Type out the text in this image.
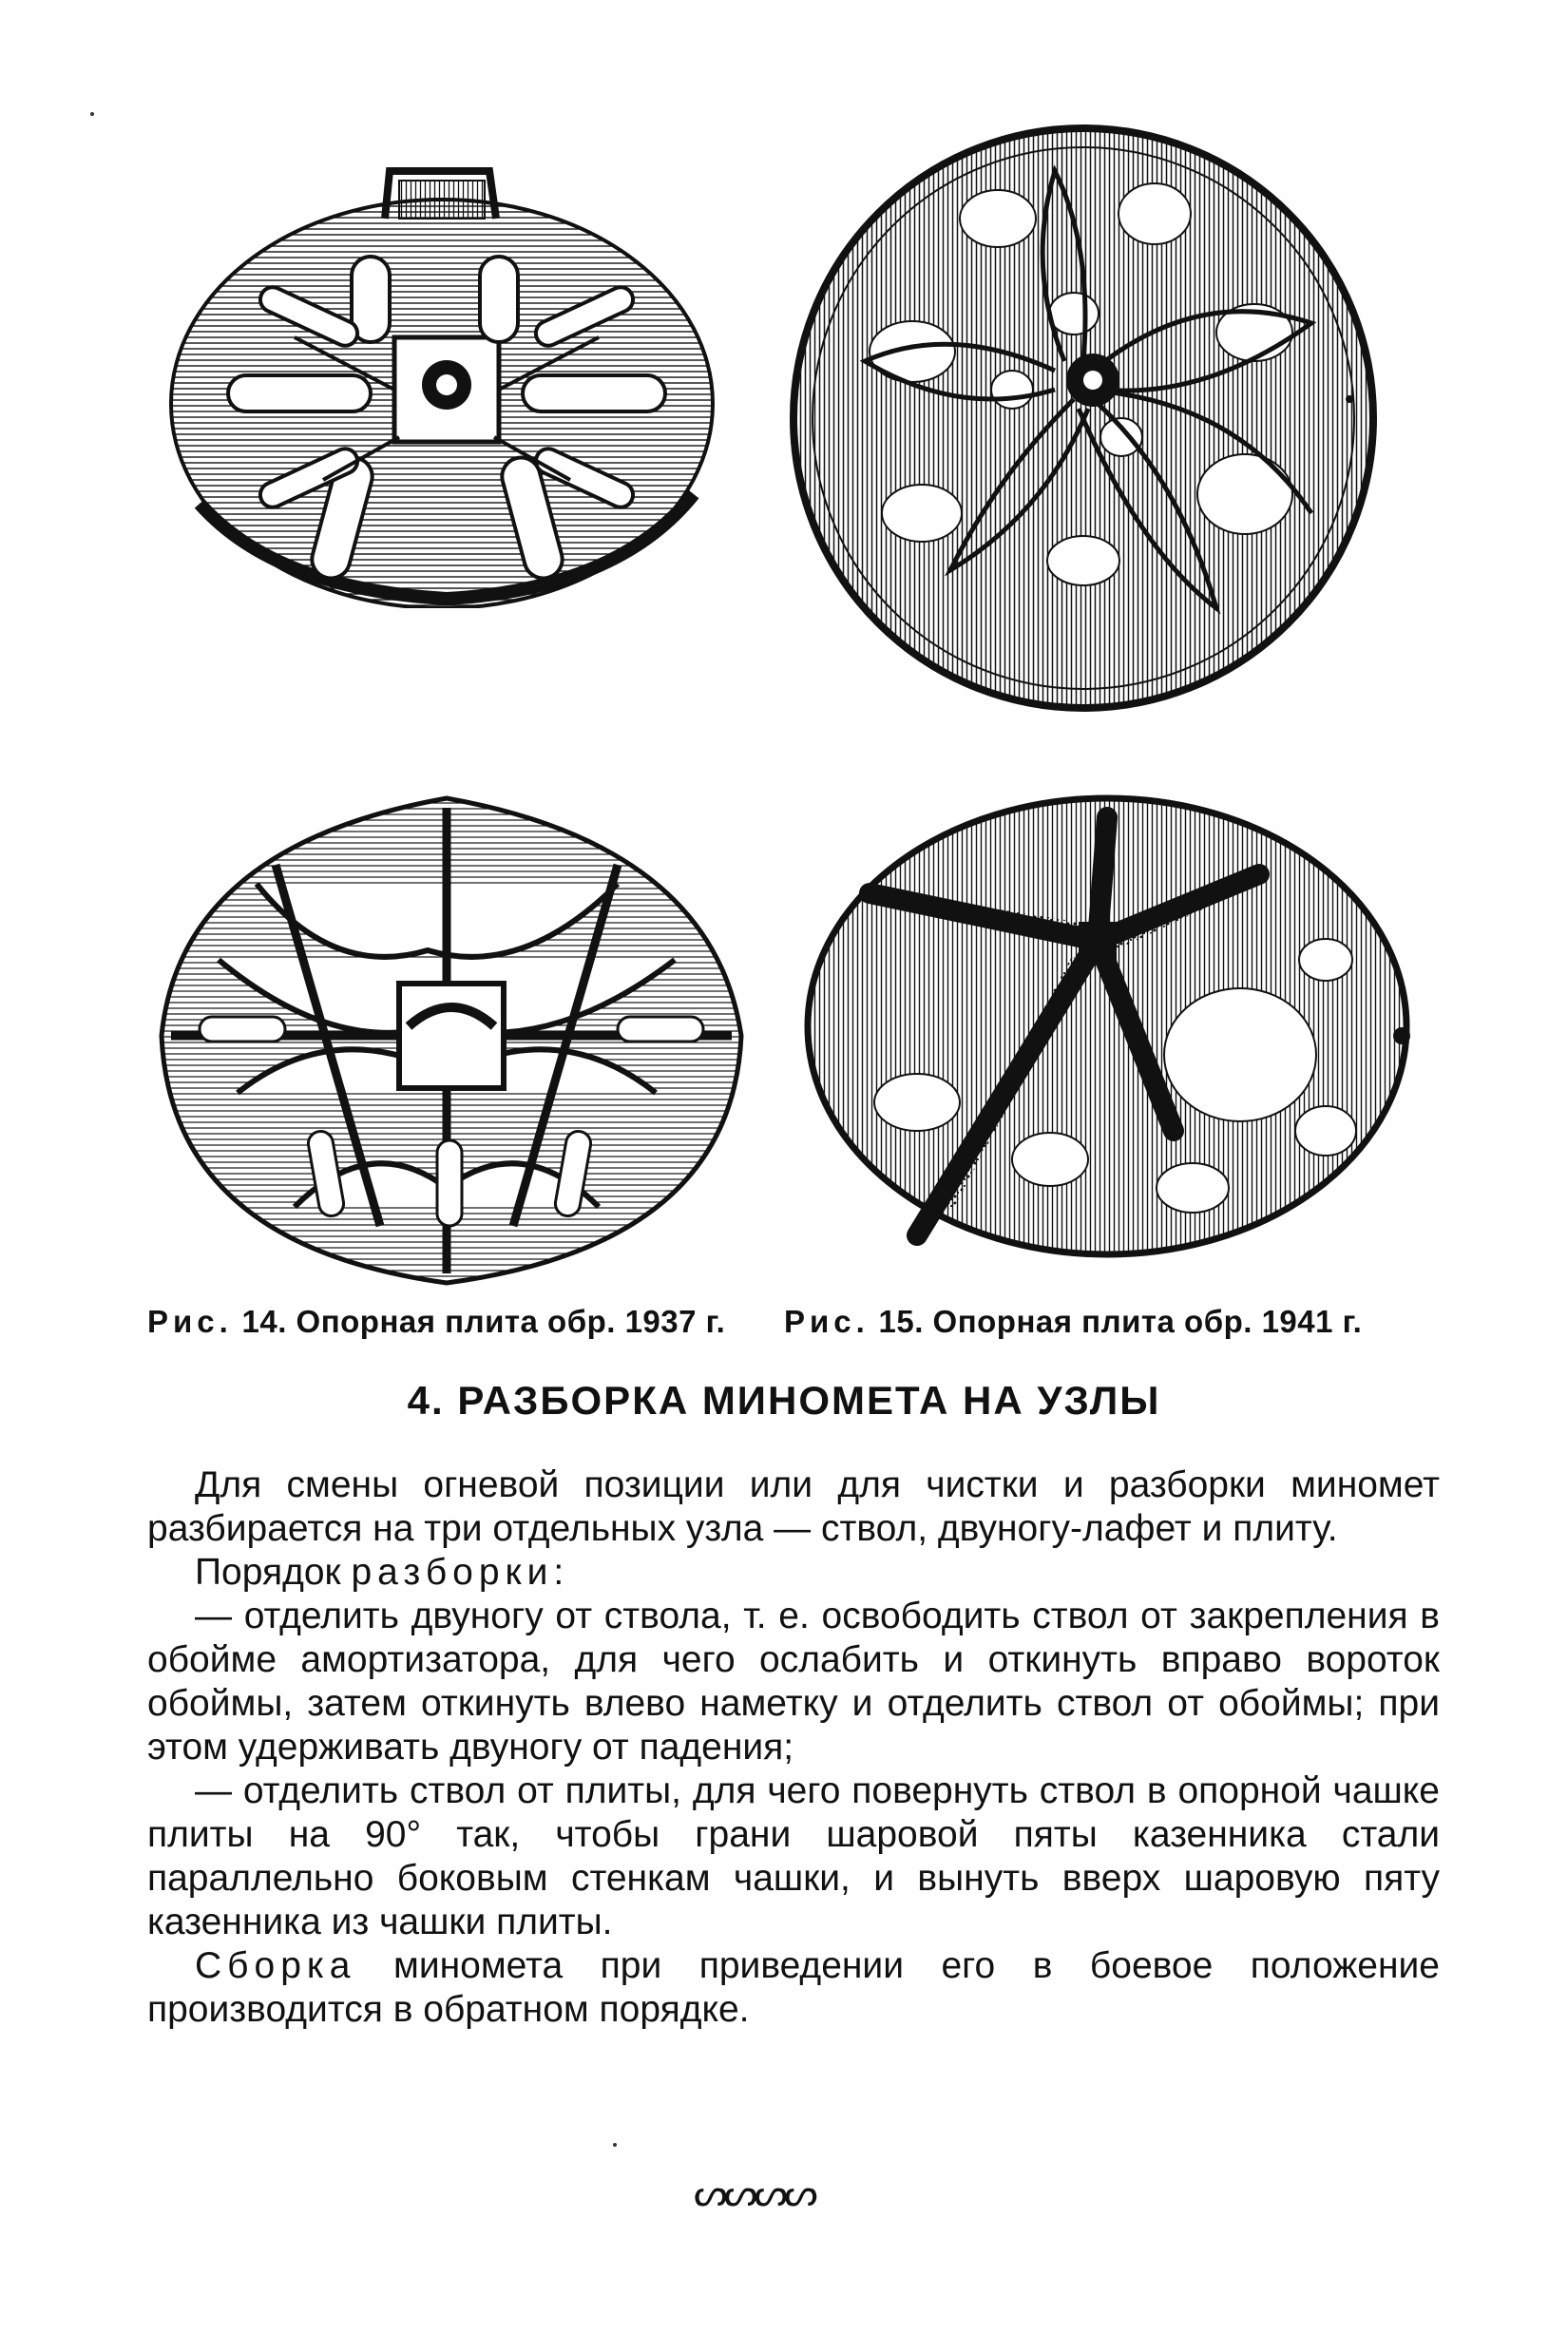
Рис. 14. Опорная плита обр. 1937 г. Рис. 15. Опорная плита обр. 1941 г.
4. РАЗБОРКА МИНОМЕТА НА УЗЛЫ

Для смены огневой позиции или для чистки и разборки миномет разбирается на три отдельных узла — ствол, двуногу-лафет и плиту.

Порядок разборки:

— отделить двуногу от ствола, т. е. освободить ствол от закрепления в обойме амортизатора, для чего ослабить и откинуть вправо вороток обоймы, затем откинуть влево наметку и отделить ствол от обоймы; при этом удерживать двуногу от падения;

— отделить ствол от плиты, для чего повернуть ствол в опорной чашке плиты на 90° так, чтобы грани шаровой пяты казенника стали параллельно боковым стенкам чашки, и вынуть вверх шаровую пяту казенника из чашки плиты.

Сборка миномета при приведении его в боевое положение производится в обратном порядке.

ᔕᔕᔕᔕ
